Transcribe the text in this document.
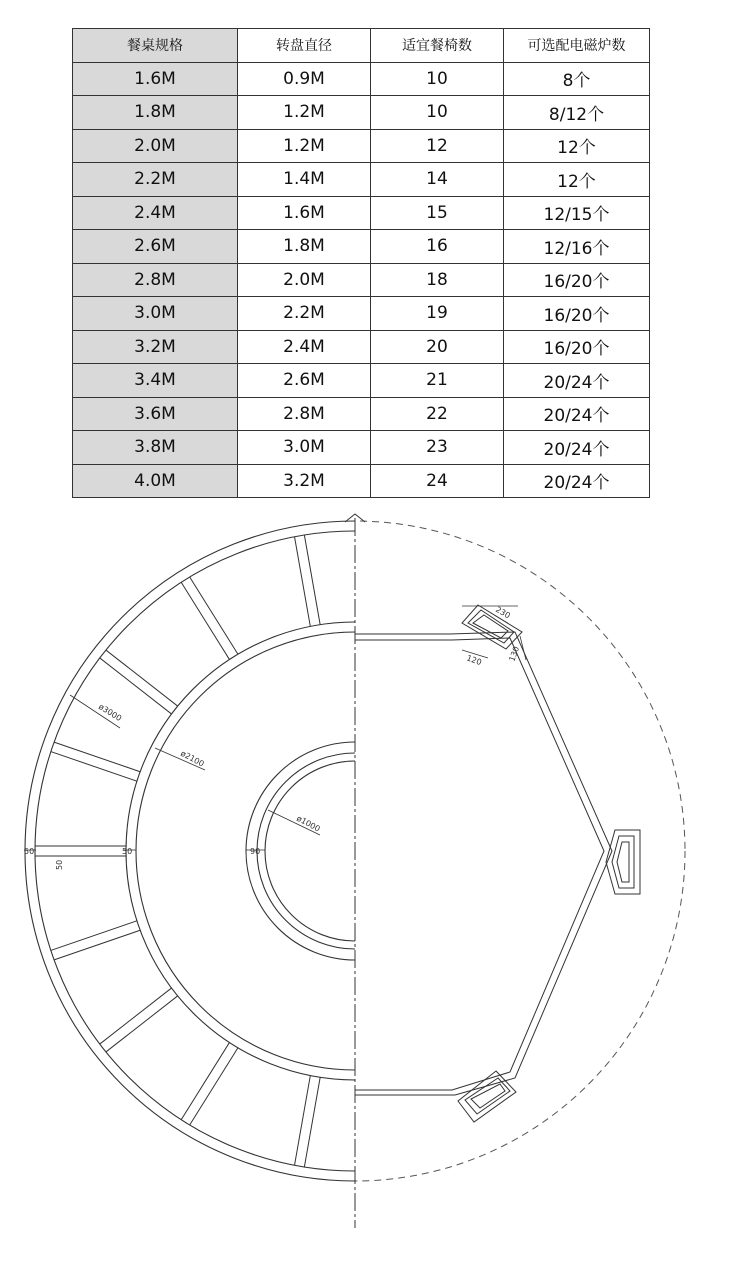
餐桌规格	转盘直径	适宜餐椅数	可选配电磁炉数
1.6M	0.9M	10	8个
1.8M	1.2M	10	8/12个
2.0M	1.2M	12	12个
2.2M	1.4M	14	12个
2.4M	1.6M	15	12/15个
2.6M	1.8M	16	12/16个
2.8M	2.0M	18	16/20个
3.0M	2.2M	19	16/20个
3.2M	2.4M	20	16/20个
3.4M	2.6M	21	20/24个
3.6M	2.8M	22	20/24个
3.8M	3.0M	23	20/24个
4.0M	3.2M	24	20/24个
ø3000
ø2100
ø1000
50
50
50	90
230
120	130
